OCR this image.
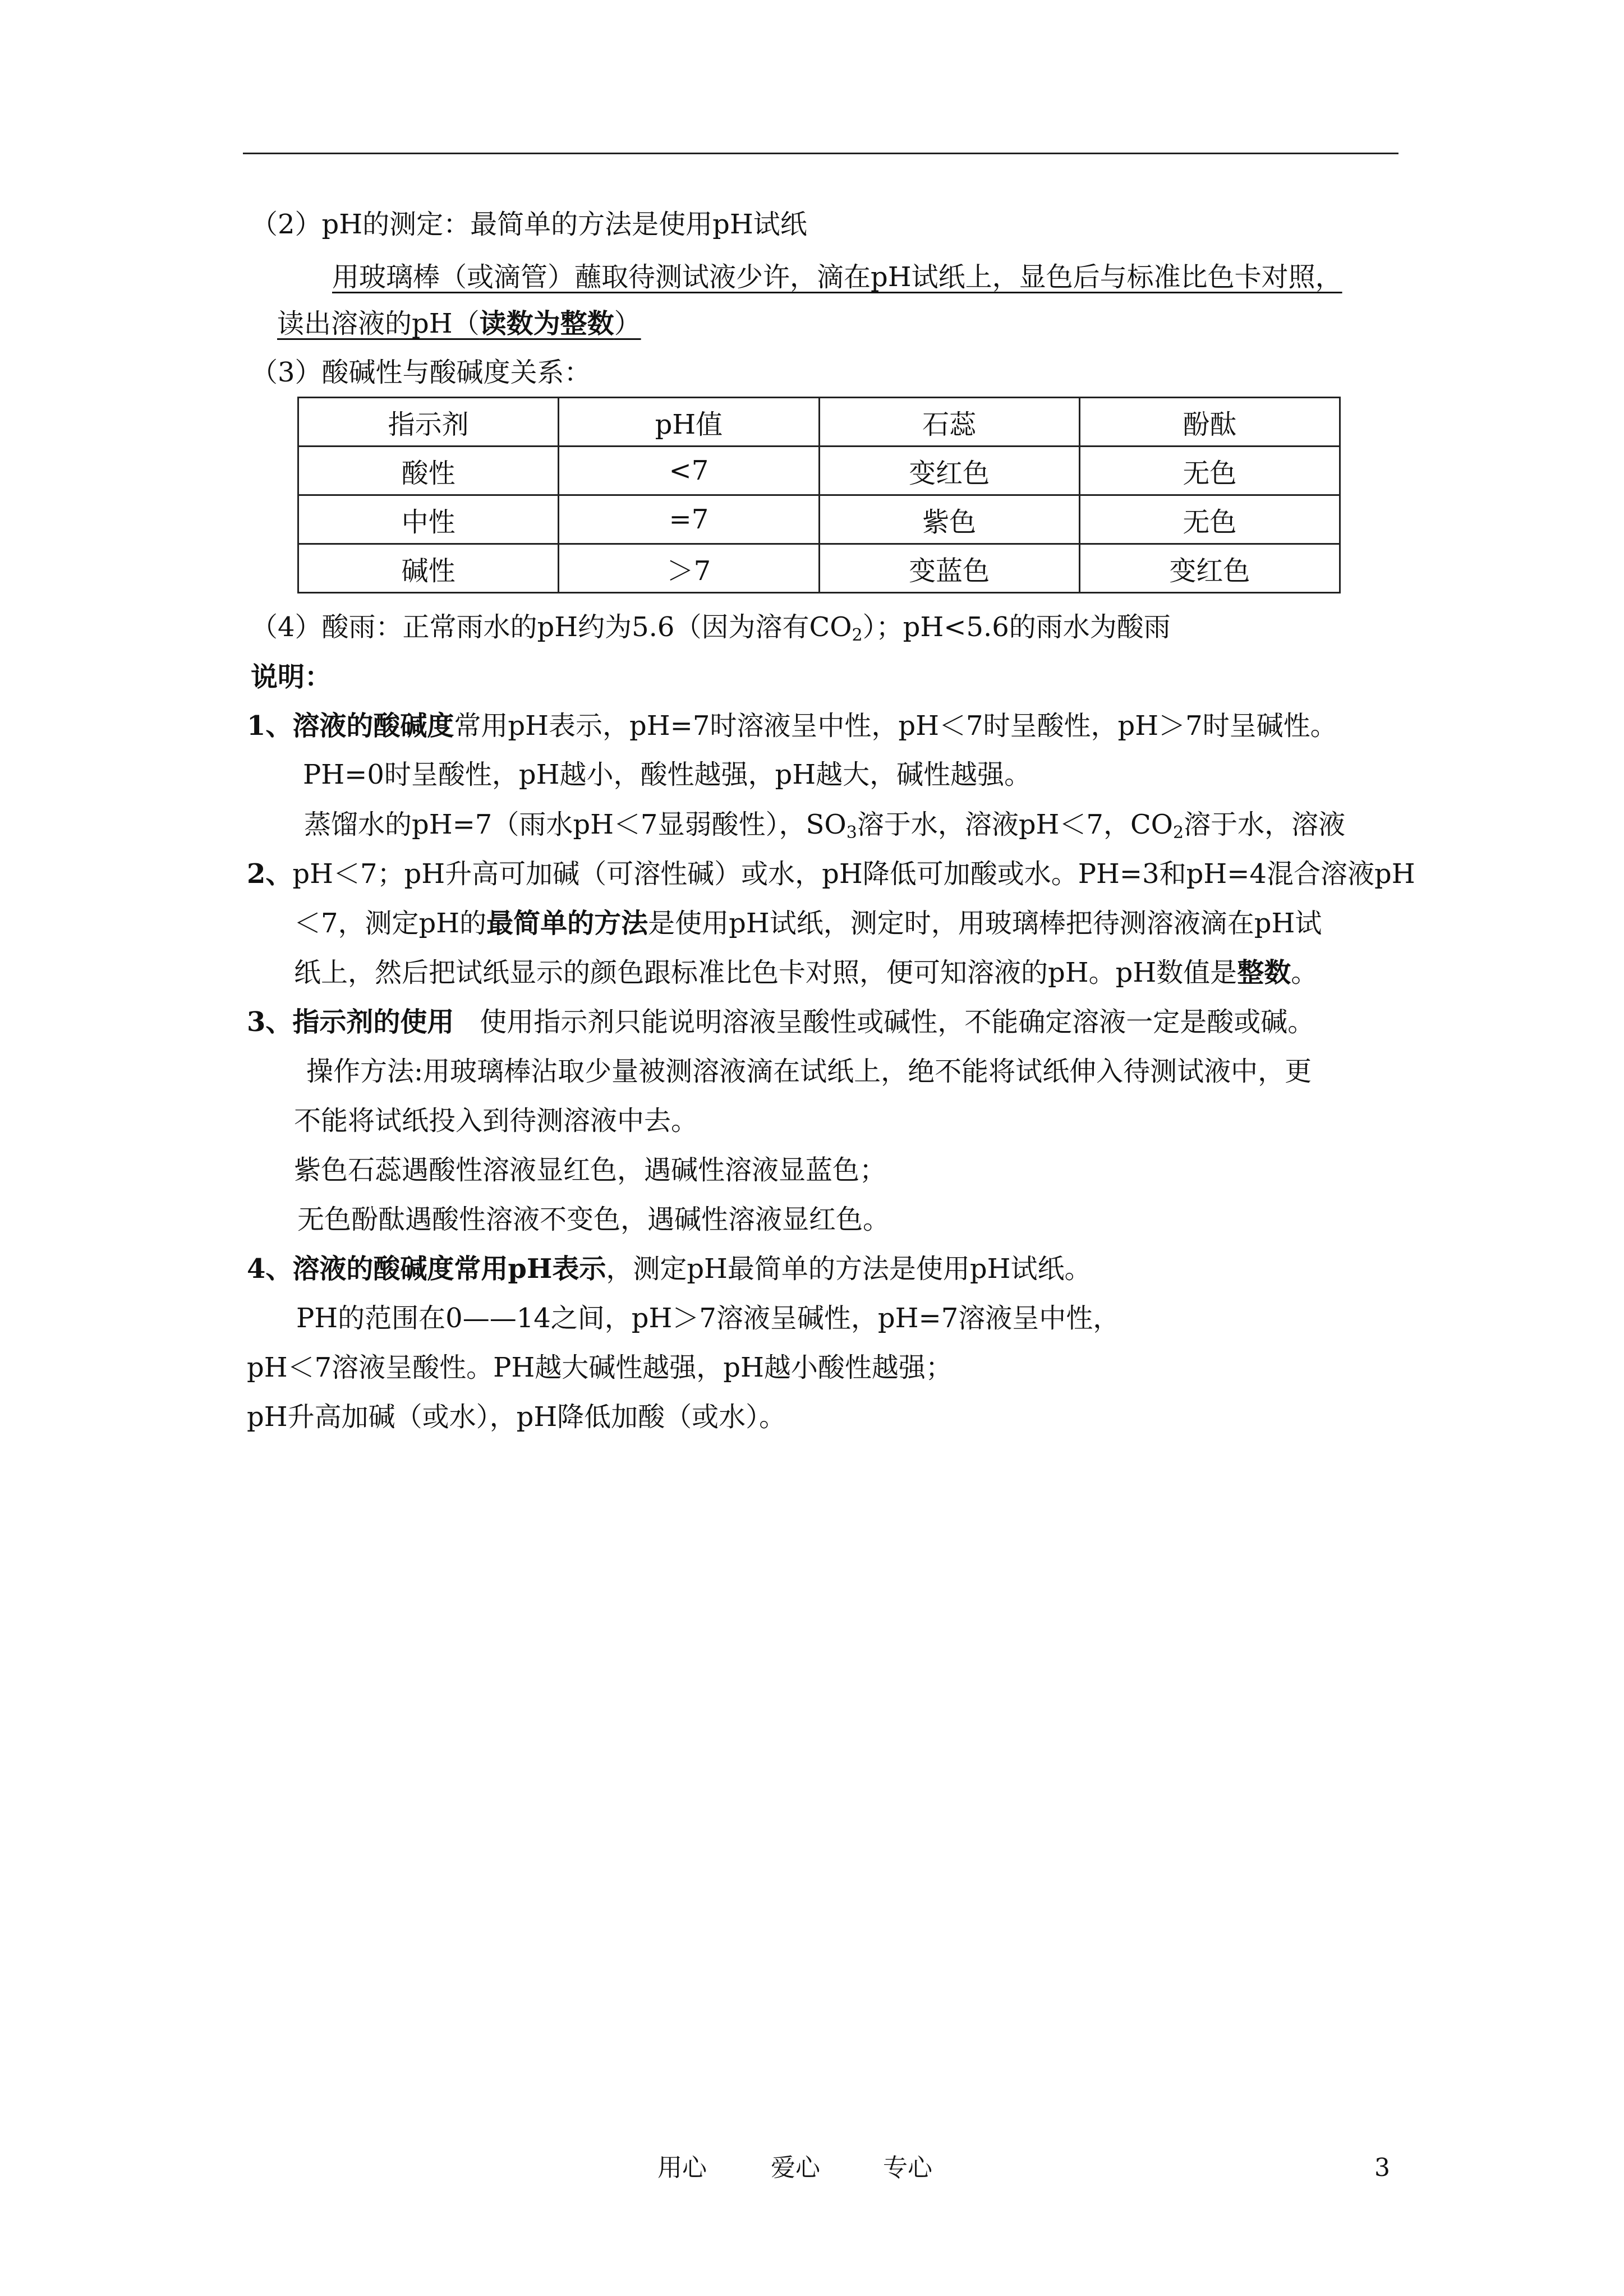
（2）pH的测定：最简单的方法是使用pH试纸
用玻璃棒（或滴管）蘸取待测试液少许，滴在pH试纸上，显色后与标准比色卡对照，
读出溶液的pH（读数为整数）
（3）酸碱性与酸碱度关系：
指示剂	pH值	石蕊	酚酞
酸性	<7	变红色	无色
中性	=7	紫色	无色
碱性	＞7	变蓝色	变红色
（4）酸雨：正常雨水的pH约为5.6（因为溶有$CO_2$）；pH<5.6的雨水为酸雨
说明：
1、溶液的酸碱度常用pH表示，pH=7时溶液呈中性，pH＜7时呈酸性，pH＞7时呈碱性。
PH=0时呈酸性，pH越小，酸性越强，pH越大，碱性越强。
蒸馏水的pH=7（雨水pH＜7显弱酸性），$SO_3$溶于水，溶液pH＜7，$CO_2$溶于水，溶液
2、pH＜7；pH升高可加碱（可溶性碱）或水，pH降低可加酸或水。PH=3和pH=4混合溶液pH
＜7，测定pH的最简单的方法是使用pH试纸，测定时，用玻璃棒把待测溶液滴在pH试
纸上，然后把试纸显示的颜色跟标准比色卡对照，便可知溶液的pH。pH数值是整数。
3、指示剂的使用   使用指示剂只能说明溶液呈酸性或碱性，不能确定溶液一定是酸或碱。
操作方法:用玻璃棒沾取少量被测溶液滴在试纸上，绝不能将试纸伸入待测试液中，更
不能将试纸投入到待测溶液中去。
紫色石蕊遇酸性溶液显红色，遇碱性溶液显蓝色；
无色酚酞遇酸性溶液不变色，遇碱性溶液显红色。
4、溶液的酸碱度常用pH表示，测定pH最简单的方法是使用pH试纸。
PH的范围在0——14之间，pH＞7溶液呈碱性，pH=7溶液呈中性，
pH＜7溶液呈酸性。PH越大碱性越强，pH越小酸性越强；
pH升高加碱（或水），pH降低加酸（或水）。
用心	爱心	专心	3
